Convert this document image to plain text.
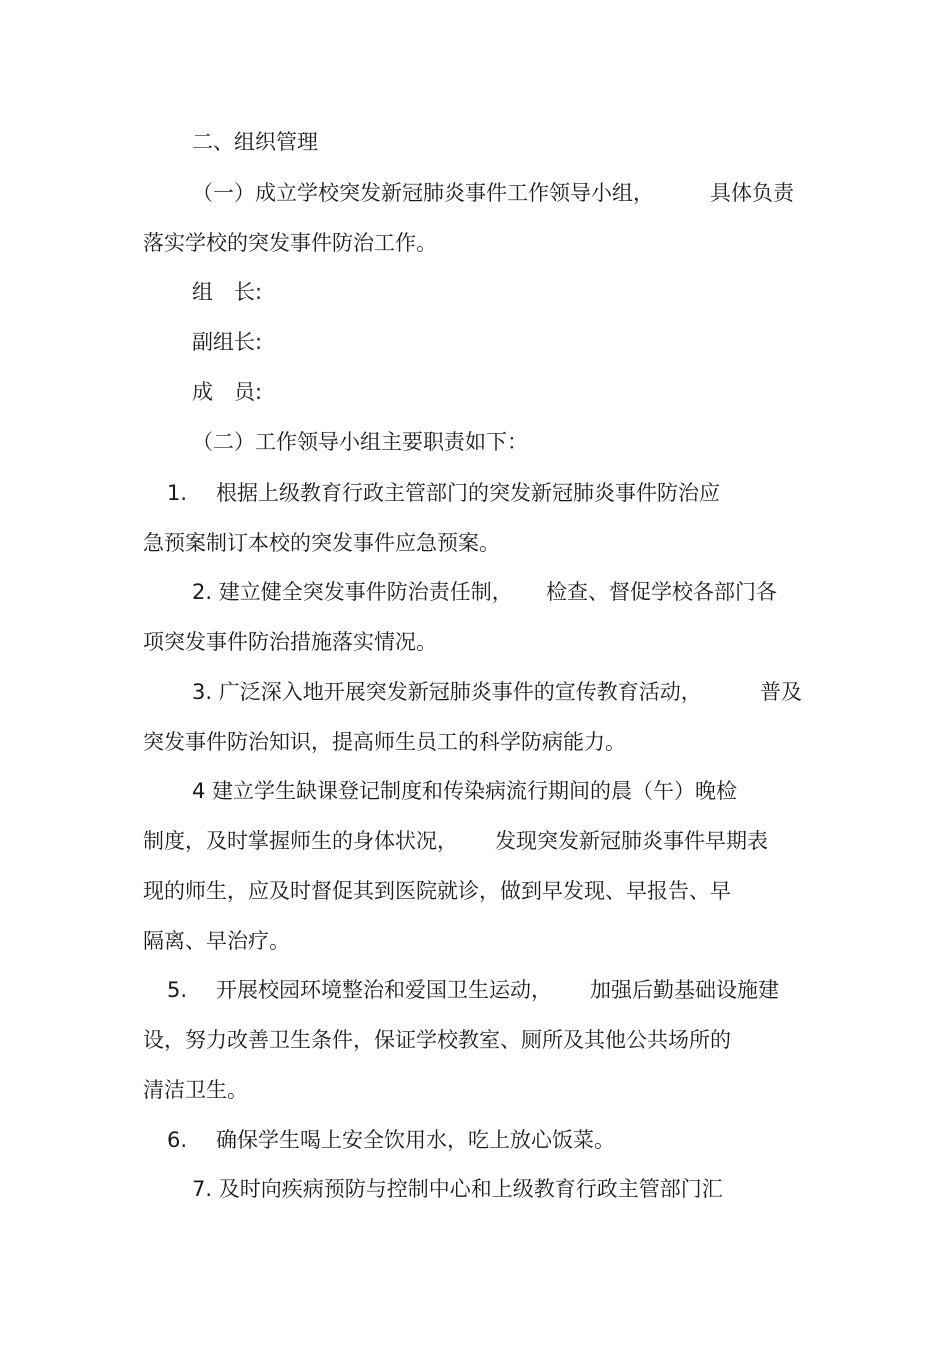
二、组织管理

（一）成立学校突发新冠肺炎事件工作领导小组，	具体负责

落实学校的突发事件防治工作。

组　长:

副组长:

成　员:

（二）工作领导小组主要职责如下：

1. 根据上级教育行政主管部门的突发新冠肺炎事件防治应

急预案制订本校的突发事件应急预案。

2. 建立健全突发事件防治责任制， 检查、督促学校各部门各

项突发事件防治措施落实情况。

3. 广泛深入地开展突发新冠肺炎事件的宣传教育活动，	普及

突发事件防治知识，提高师生员工的科学防病能力。

4 建立学生缺课登记制度和传染病流行期间的晨（午）晚检

制度，及时掌握师生的身体状况， 发现突发新冠肺炎事件早期表

现的师生，应及时督促其到医院就诊，做到早发现、早报告、早

隔离、早治疗。

5. 开展校园环境整治和爱国卫生运动， 加强后勤基础设施建

设，努力改善卫生条件，保证学校教室、厕所及其他公共场所的

清洁卫生。

6. 确保学生喝上安全饮用水，吃上放心饭菜。

7. 及时向疾病预防与控制中心和上级教育行政主管部门汇
